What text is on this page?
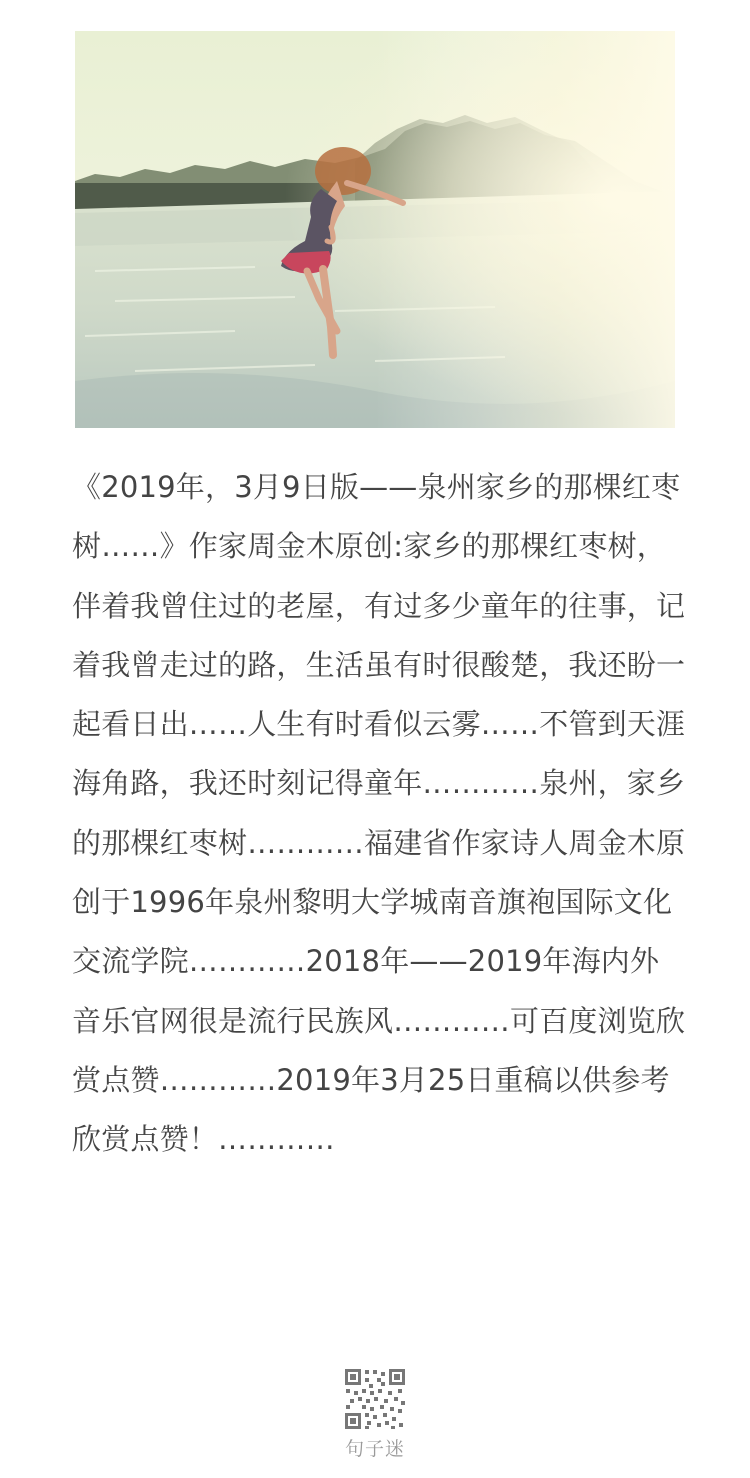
《2019年，3月9日版——泉州家乡的那棵红枣树……》作家周金木原创:家乡的那棵红枣树，伴着我曾住过的老屋，有过多少童年的往事，记着我曾走过的路，生活虽有时很酸楚，我还盼一起看日出……人生有时看似云雾……不管到天涯海角路，我还时刻记得童年…………泉州，家乡的那棵红枣树…………福建省作家诗人周金木原创于1996年泉州黎明大学城南音旗袍国际文化交流学院…………2018年——2019年海内外音乐官网很是流行民族风…………可百度浏览欣赏点赞…………2019年3月25日重稿以供参考欣赏点赞！…………

句子迷
